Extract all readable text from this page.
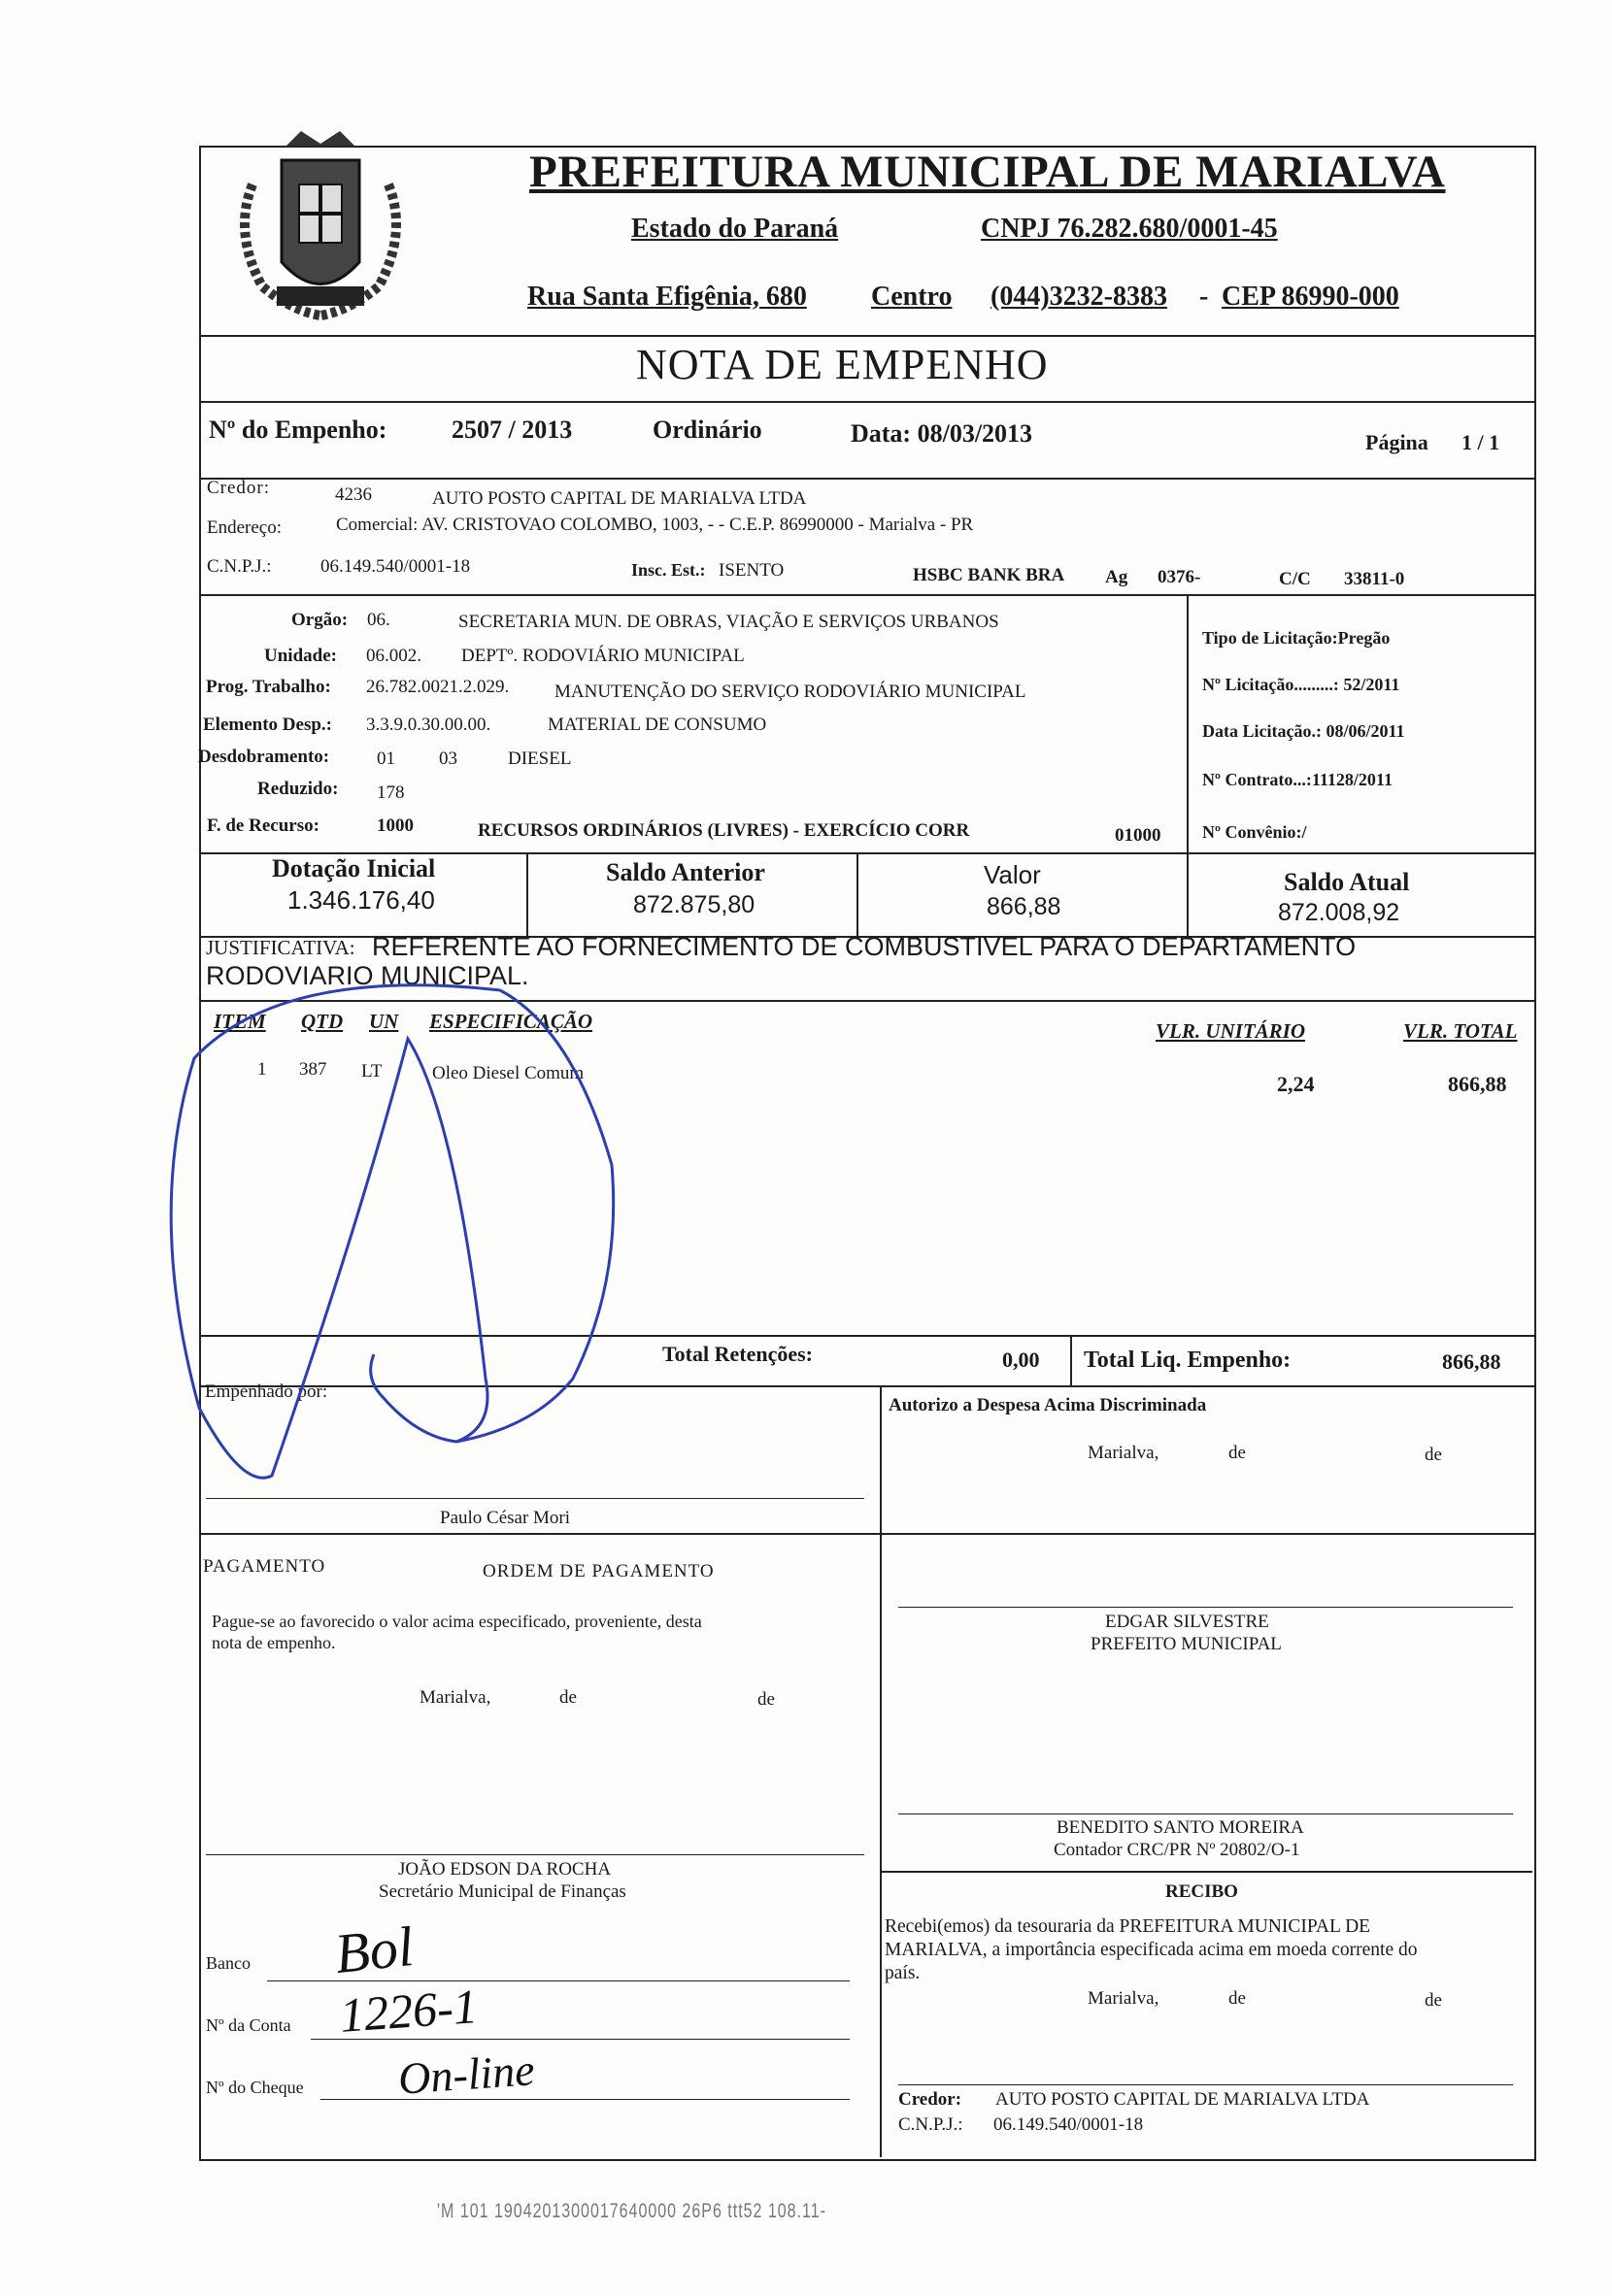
PREFEITURA MUNICIPAL DE MARIALVA
Estado do Paraná	CNPJ 76.282.680/0001-45
Rua Santa Efigênia, 680 Centro (044)3232-8383 - CEP 86990-000
NOTA DE EMPENHO
Nº do Empenho:	2507 / 2013	Ordinário	Data: 08/03/2013	Página 1 / 1
Credor:	4236	AUTO POSTO CAPITAL DE MARIALVA LTDA
Endereço:	Comercial: AV. CRISTOVAO COLOMBO, 1003, - - C.E.P. 86990000 - Marialva - PR
C.N.P.J.:	06.149.540/0001-18	Insc. Est.: ISENTO	HSBC BANK BRA Ag 0376-	C/C 33811-0
Orgão: 06.	SECRETARIA MUN. DE OBRAS, VIAÇÃO E SERVIÇOS URBANOS
Unidade: 06.002. DEPTº. RODOVIÁRIO MUNICIPAL
Prog. Trabalho: 26.782.0021.2.029. MANUTENÇÃO DO SERVIÇO RODOVIÁRIO MUNICIPAL
Elemento Desp.: 3.3.9.0.30.00.00.	MATERIAL DE CONSUMO
Desdobramento:	01 03	DIESEL
Reduzido: 178
F. de Recurso:	1000	RECURSOS ORDINÁRIOS (LIVRES) - EXERCÍCIO CORR	01000
Tipo de Licitação:Pregão
Nº Licitação.........: 52/2011
Data Licitação.: 08/06/2011
Nº Contrato...:11128/2011
Nº Convênio:/
Dotação Inicial
1.346.176,40
Saldo Anterior
872.875,80
Valor
866,88
Saldo Atual
872.008,92
JUSTIFICATIVA: REFERENTE AO FORNECIMENTO DE COMBUSTIVEL PARA O DEPARTAMENTO
RODOVIARIO MUNICIPAL.
ITEM QTD UN ESPECIFICAÇÃO	VLR. UNITÁRIO	VLR. TOTAL
1 387 LT	Oleo Diesel Comum	2,24	866,88
Total Retenções:	0,00 Total Liq. Empenho:	866,88
Empenhado por:
Paulo César Mori
Autorizo a Despesa Acima Discriminada
Marialva,	de	de
PAGAMENTO	ORDEM DE PAGAMENTO
Pague-se ao favorecido o valor acima especificado, proveniente, desta
nota de empenho.
Marialva,	de	de
EDGAR SILVESTRE
PREFEITO MUNICIPAL
BENEDITO SANTO MOREIRA
Contador CRC/PR Nº 20802/O-1
JOÃO EDSON DA ROCHA
Secretário Municipal de Finanças	RECIBO
Recebi(emos) da tesouraria da PREFEITURA MUNICIPAL DE
MARIALVA, a importância especificada acima em moeda corrente do
país.
Marialva,	de	de
Credor: AUTO POSTO CAPITAL DE MARIALVA LTDA
C.N.P.J.: 06.149.540/0001-18
Banco Bol
Nº da Conta 1226-1
Nº do Cheque On-line
'M 101 1904201300017640000 26P6 ttt52 108.11-
